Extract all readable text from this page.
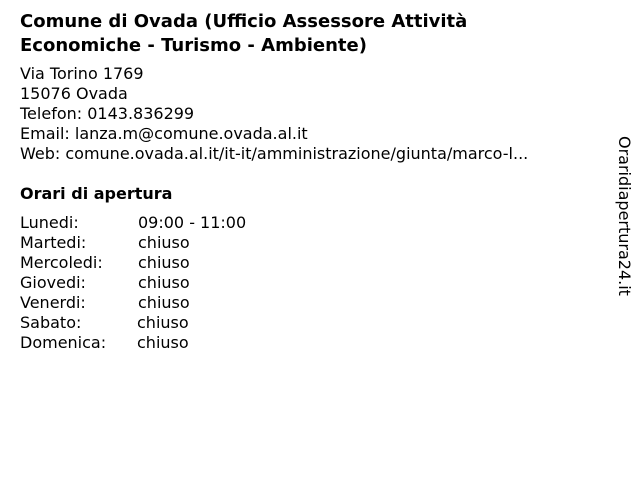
Comune di Ovada (Ufficio Assessore Attività Economiche - Turismo - Ambiente)
Via Torino 1769
15076 Ovada
Telefon: 0143.836299
Email: lanza.m@comune.ovada.al.it
Web: comune.ovada.al.it/it-it/amministrazione/giunta/marco-l...
Orari di apertura
Lunedi:	09:00 - 11:00
Martedi:	chiuso
Mercoledi: chiuso
Giovedi:	chiuso
Venerdi:	chiuso
Sabato:	chiuso
Domenica: chiuso
Oraridiapertura24.it
